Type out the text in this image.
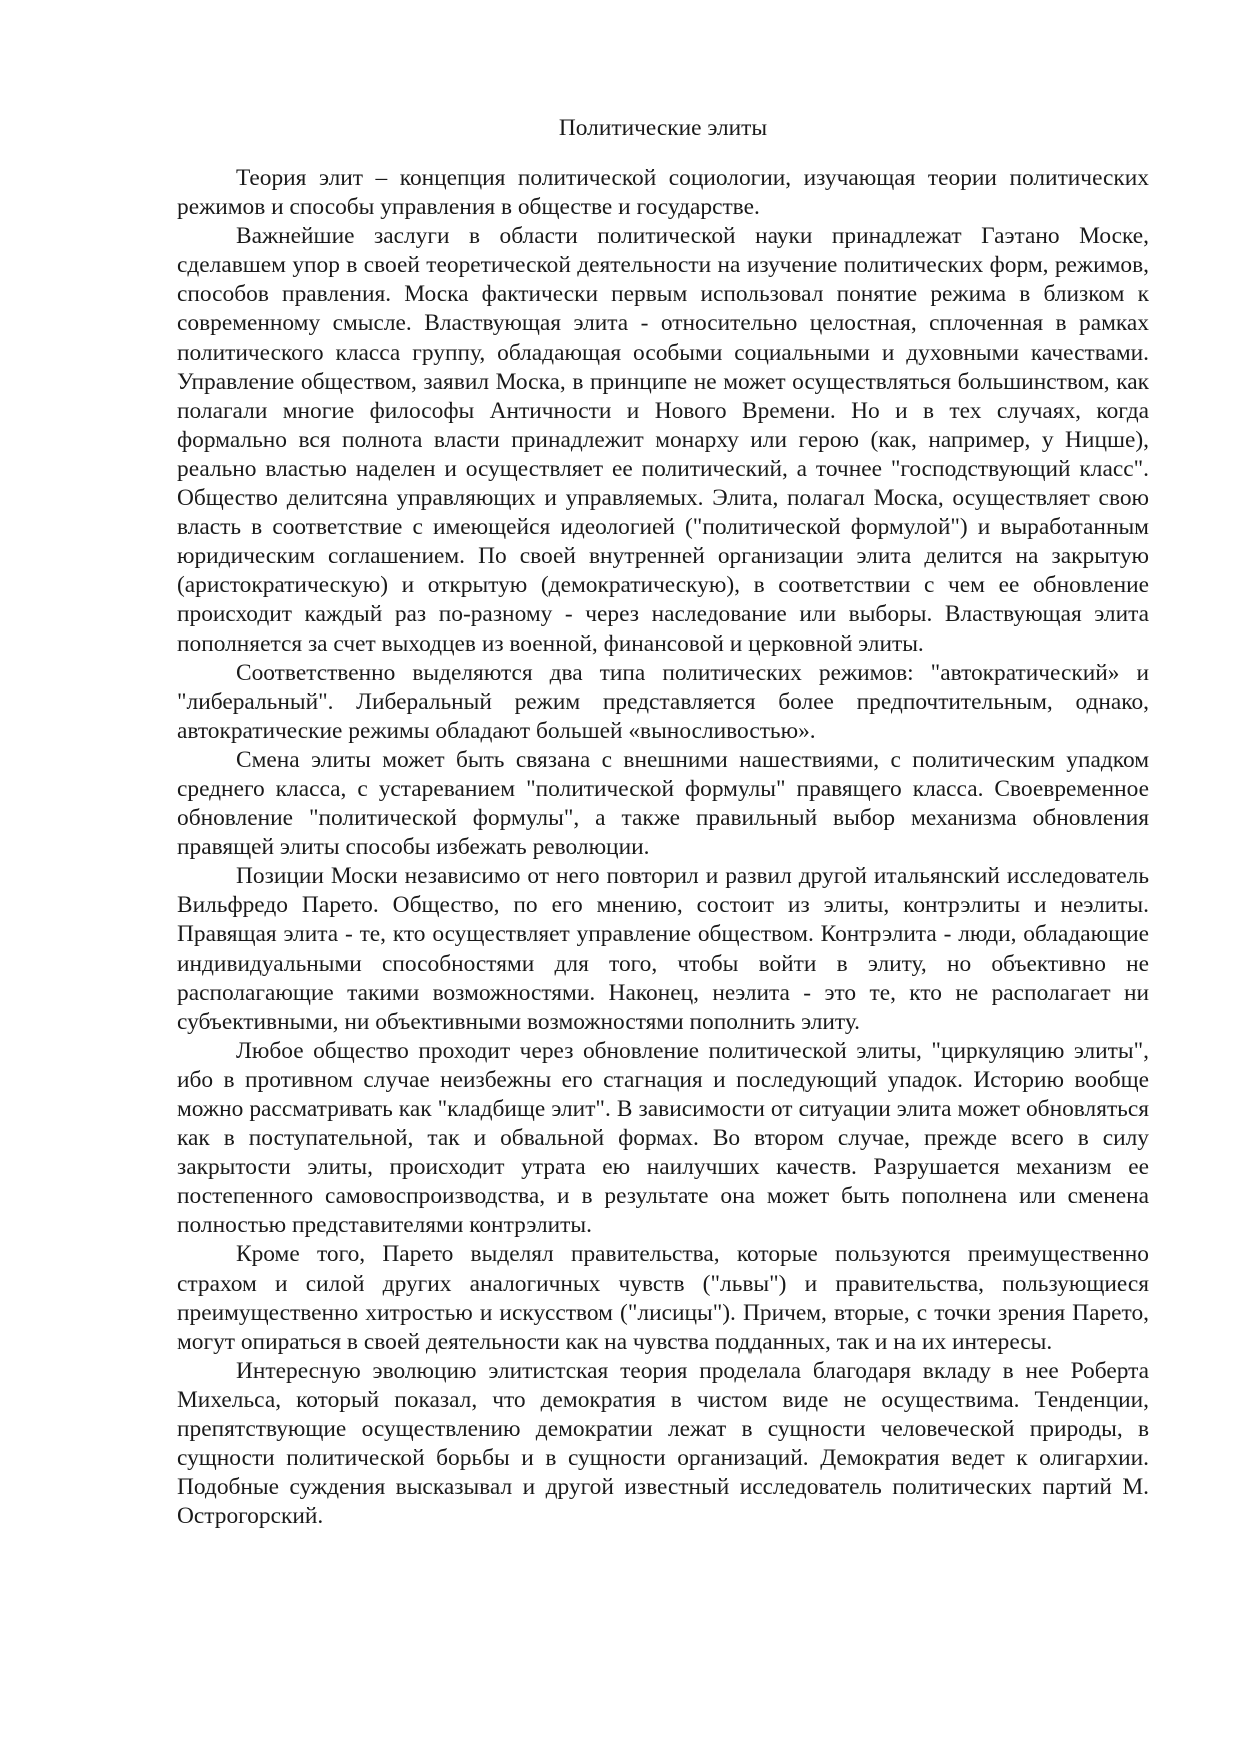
Политические элиты

Теория элит – концепция политической социологии, изучающая теории политических режимов и способы управления в обществе и государстве.

Важнейшие заслуги в области политической науки принадлежат Гаэтано Моске, сделавшем упор в своей теоретической деятельности на изучение политических форм, режимов, способов правления. Моска фактически первым использовал понятие режима в близком к современному смысле. Властвующая элита - относительно целостная, сплоченная в рамках политического класса группу, обладающая особыми социальными и духовными качествами. Управление обществом, заявил Моска, в принципе не может осуществляться большинством, как полагали многие философы Античности и Нового Времени. Но и в тех случаях, когда формально вся полнота власти принадлежит монарху или герою (как, например, у Ницше), реально властью наделен и осуществляет ее политический, а точнее "господствующий класс". Общество делитсяна управляющих и управляемых. Элита, полагал Моска, осуществляет свою власть в соответствие с имеющейся идеологией ("политической формулой") и выработанным юридическим соглашением. По своей внутренней организации элита делится на закрытую (аристократическую) и открытую (демократическую), в соответствии с чем ее обновление происходит каждый раз по-разному - через наследование или выборы. Властвующая элита пополняется за счет выходцев из военной, финансовой и церковной элиты.

Соответственно выделяются два типа политических режимов: "автократический» и "либеральный". Либеральный режим представляется более предпочтительным, однако, автократические режимы обладают большей «выносливостью».

Смена элиты может быть связана с внешними нашествиями, с политическим упадком среднего класса, с устареванием "политической формулы" правящего класса. Своевременное обновление "политической формулы", а также правильный выбор механизма обновления правящей элиты способы избежать революции.

Позиции Моски независимо от него повторил и развил другой итальянский исследователь Вильфредо Парето. Общество, по его мнению, состоит из элиты, контрэлиты и неэлиты. Правящая элита - те, кто осуществляет управление обществом. Контрэлита - люди, обладающие индивидуальными способностями для того, чтобы войти в элиту, но объективно не располагающие такими возможностями. Наконец, неэлита - это те, кто не располагает ни субъективными, ни объективными возможностями пополнить элиту.

Любое общество проходит через обновление политической элиты, "циркуляцию элиты", ибо в противном случае неизбежны его стагнация и последующий упадок. Историю вообще можно рассматривать как "кладбище элит". В зависимости от ситуации элита может обновляться как в поступательной, так и обвальной формах. Во втором случае, прежде всего в силу закрытости элиты, происходит утрата ею наилучших качеств. Разрушается механизм ее постепенного самовоспроизводства, и в результате она может быть пополнена или сменена полностью представителями контрэлиты.

Кроме того, Парето выделял правительства, которые пользуются преимущественно страхом и силой других аналогичных чувств ("львы") и правительства, пользующиеся преимущественно хитростью и искусством ("лисицы"). Причем, вторые, с точки зрения Парето, могут опираться в своей деятельности как на чувства подданных, так и на их интересы.

Интересную эволюцию элитистская теория проделала благодаря вкладу в нее Роберта Михельса, который показал, что демократия в чистом виде не осуществима. Тенденции, препятствующие осуществлению демократии лежат в сущности человеческой природы, в сущности политической борьбы и в сущности организаций. Демократия ведет к олигархии. Подобные суждения высказывал и другой известный исследователь политических партий М. Острогорский.
